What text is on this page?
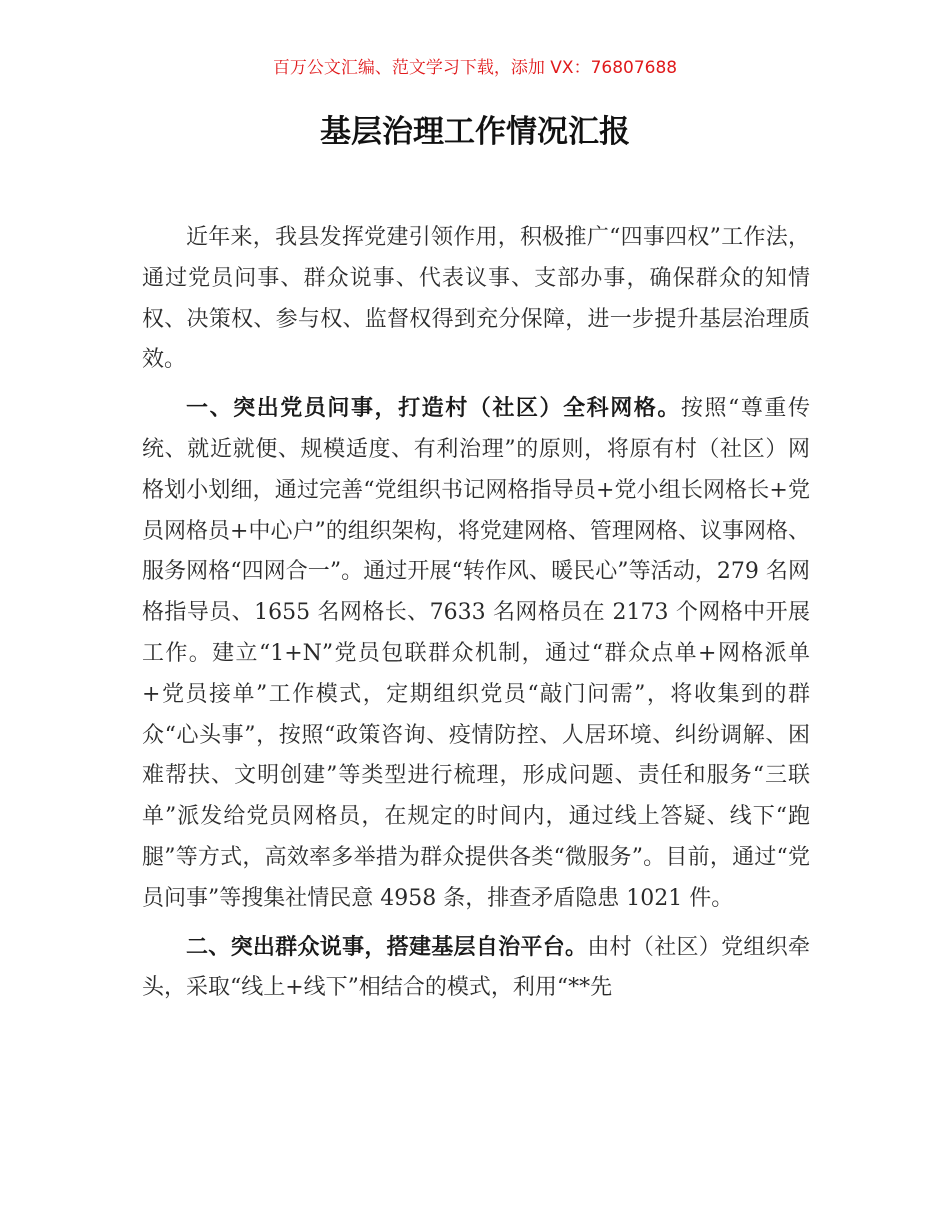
百万公文汇编、范文学习下载，添加 VX：76807688
基层治理工作情况汇报

近年来，我县发挥党建引领作用，积极推广“四事四权”工作法，通过党员问事、群众说事、代表议事、支部办事，确保群众的知情权、决策权、参与权、监督权得到充分保障，进一步提升基层治理质效。

一、突出党员问事，打造村（社区）全科网格。按照“尊重传统、就近就便、规模适度、有利治理”的原则，将原有村（社区）网格划小划细，通过完善“党组织书记网格指导员+党小组长网格长+党员网格员+中心户”的组织架构，将党建网格、管理网格、议事网格、服务网格“四网合一”。通过开展“转作风、暖民心”等活动，279 名网格指导员、1655 名网格长、7633 名网格员在 2173 个网格中开展工作。建立“1+N”党员包联群众机制，通过“群众点单+网格派单+党员接单”工作模式，定期组织党员“敲门问需”，将收集到的群众“心头事”，按照“政策咨询、疫情防控、人居环境、纠纷调解、困难帮扶、文明创建”等类型进行梳理，形成问题、责任和服务“三联单”派发给党员网格员，在规定的时间内，通过线上答疑、线下“跑腿”等方式，高效率多举措为群众提供各类“微服务”。目前，通过“党员问事”等搜集社情民意 4958 条，排查矛盾隐患 1021 件。

二、突出群众说事，搭建基层自治平台。由村（社区）党组织牵头，采取“线上+线下”相结合的模式，利用“**先
